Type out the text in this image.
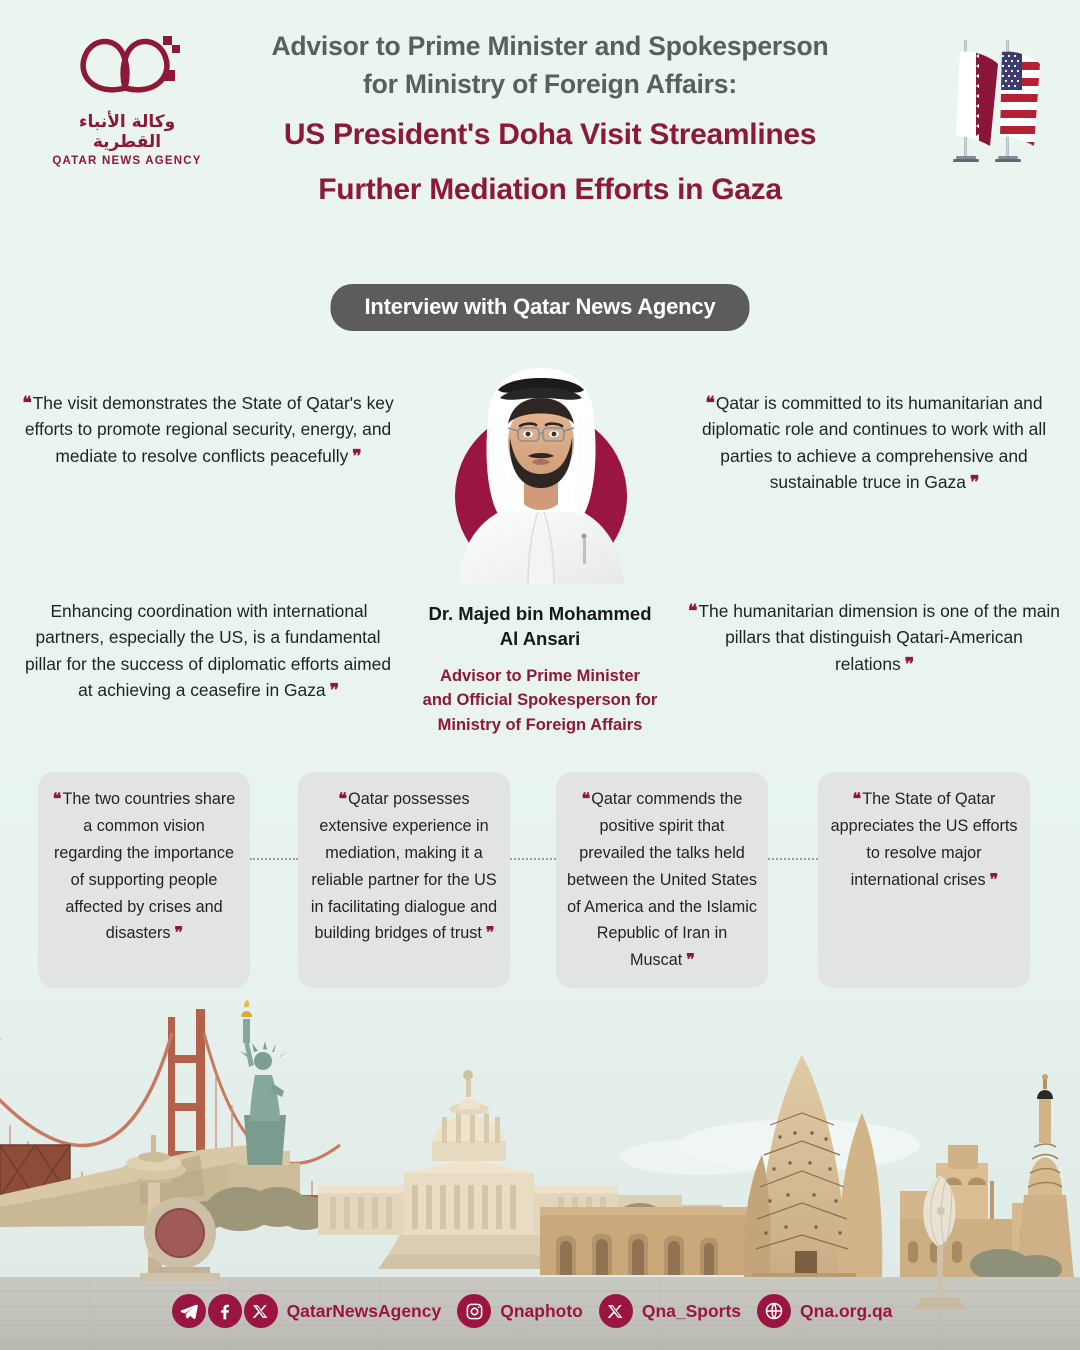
وكالة الأنباء القطرية
QATAR NEWS AGENCY
Advisor to Prime Minister and Spokesperson
for Ministry of Foreign Affairs:
US President's Doha Visit Streamlines
Further Mediation Efforts in Gaza
Interview with Qatar News Agency
❝ The visit demonstrates the State of Qatar's key efforts to promote regional security, energy, and mediate to resolve conflicts peacefully ❞
❝ Qatar is committed to its humanitarian and diplomatic role and continues to work with all parties to achieve a comprehensive and sustainable truce in Gaza ❞
Enhancing coordination with international partners, especially the US, is a fundamental pillar for the success of diplomatic efforts aimed at achieving a ceasefire in Gaza ❞
❝ The humanitarian dimension is one of the main pillars that distinguish Qatari-American relations ❞
Dr. Majed bin Mohammed
Al Ansari
Advisor to Prime Minister
and Official Spokesperson for
Ministry of Foreign Affairs
❝ The two countries share a common vision regarding the importance of supporting people affected by crises and disasters ❞
❝ Qatar possesses extensive experience in mediation, making it a reliable partner for the US in facilitating dialogue and building bridges of trust ❞
❝ Qatar commends the positive spirit that prevailed the talks held between the United States of America and the Islamic Republic of Iran in Muscat ❞
❝ The State of Qatar appreciates the US efforts to resolve major international crises ❞
QatarNewsAgency	Qnaphoto	Qna_Sports	Qna.org.qa
